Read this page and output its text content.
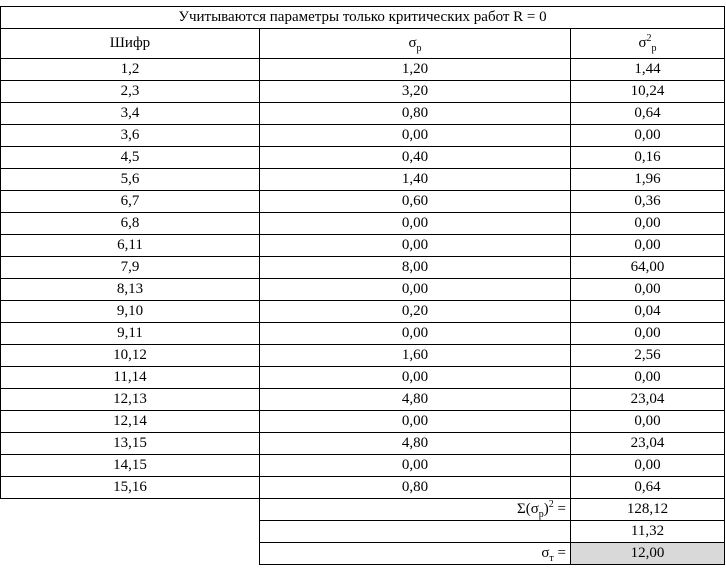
Учитываются параметры только критических работ R = 0		
Шифр	$\sigma_р$	$\sigma^2_р$
1,2	1,20	1,44
2,3	3,20	10,24
3,4	0,80	0,64
3,6	0,00	0,00
4,5	0,40	0,16
5,6	1,40	1,96
6,7	0,60	0,36
6,8	0,00	0,00
6,11	0,00	0,00
7,9	8,00	64,00
8,13	0,00	0,00
9,10	0,20	0,04
9,11	0,00	0,00
10,12	1,60	2,56
11,14	0,00	0,00
12,13	4,80	23,04
12,14	0,00	0,00
13,15	4,80	23,04
14,15	0,00	0,00
15,16	0,80	0,64
	$\Sigma(\sigma_р)^2$ =	128,12
		11,32
	$\sigma_т$ =	12,00
